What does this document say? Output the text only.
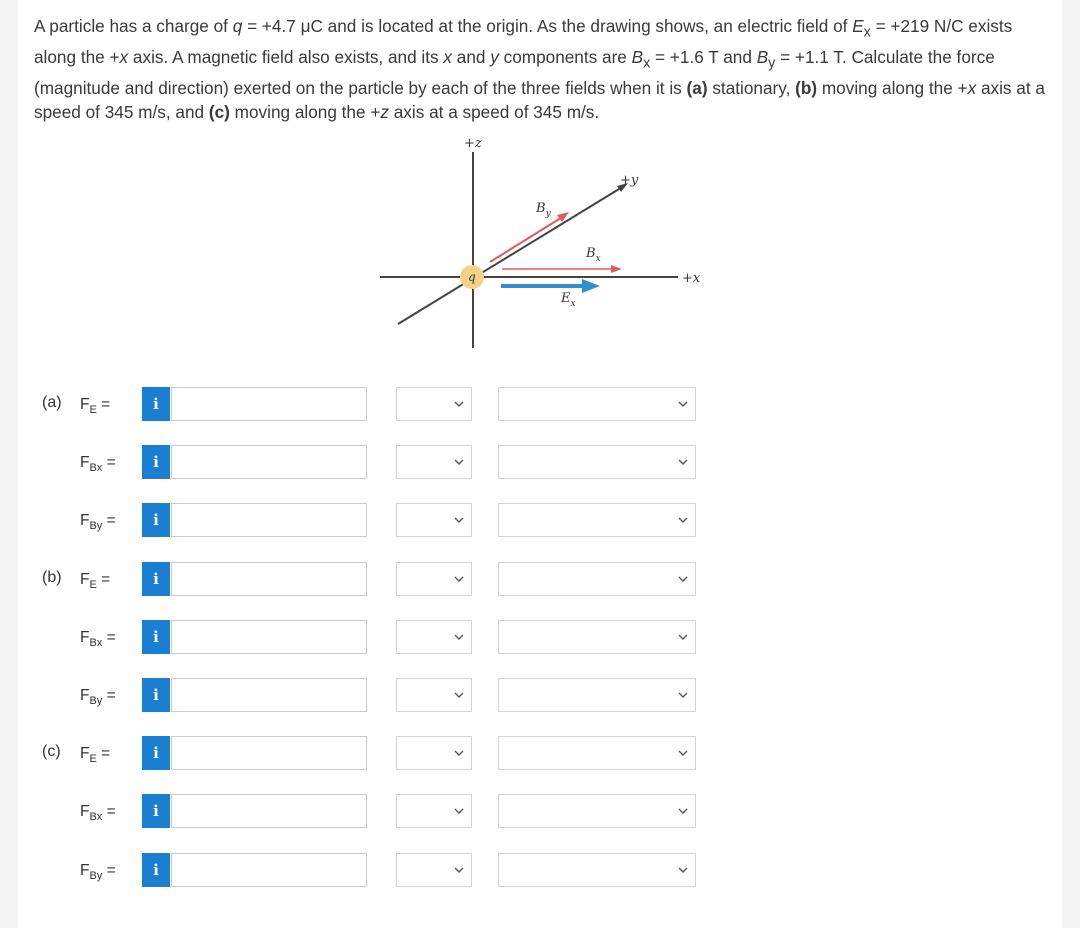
A particle has a charge of q = +4.7 μC and is located at the origin. As the drawing shows, an electric field of $E_x = +219$ N/C exists along the +x axis. A magnetic field also exists, and its x and y components are $B_x = +1.6$ T and $B_y = +1.1$ T. Calculate the force (magnitude and direction) exerted on the particle by each of the three fields when it is (a) stationary, (b) moving along the +x axis at a speed of 345 m/s, and (c) moving along the +z axis at a speed of 345 m/s.
+z
+y
+x
$B_y$
$B_x$
$E_x$
q
(a) $F_E$ =	i
$F_{Bx}$ =	i
$F_{By}$ =	i
(b) $F_E$ =	i
$F_{Bx}$ =	i
$F_{By}$ =	i
(c) $F_E$ =	i
$F_{Bx}$ =	i
$F_{By}$ =	i
